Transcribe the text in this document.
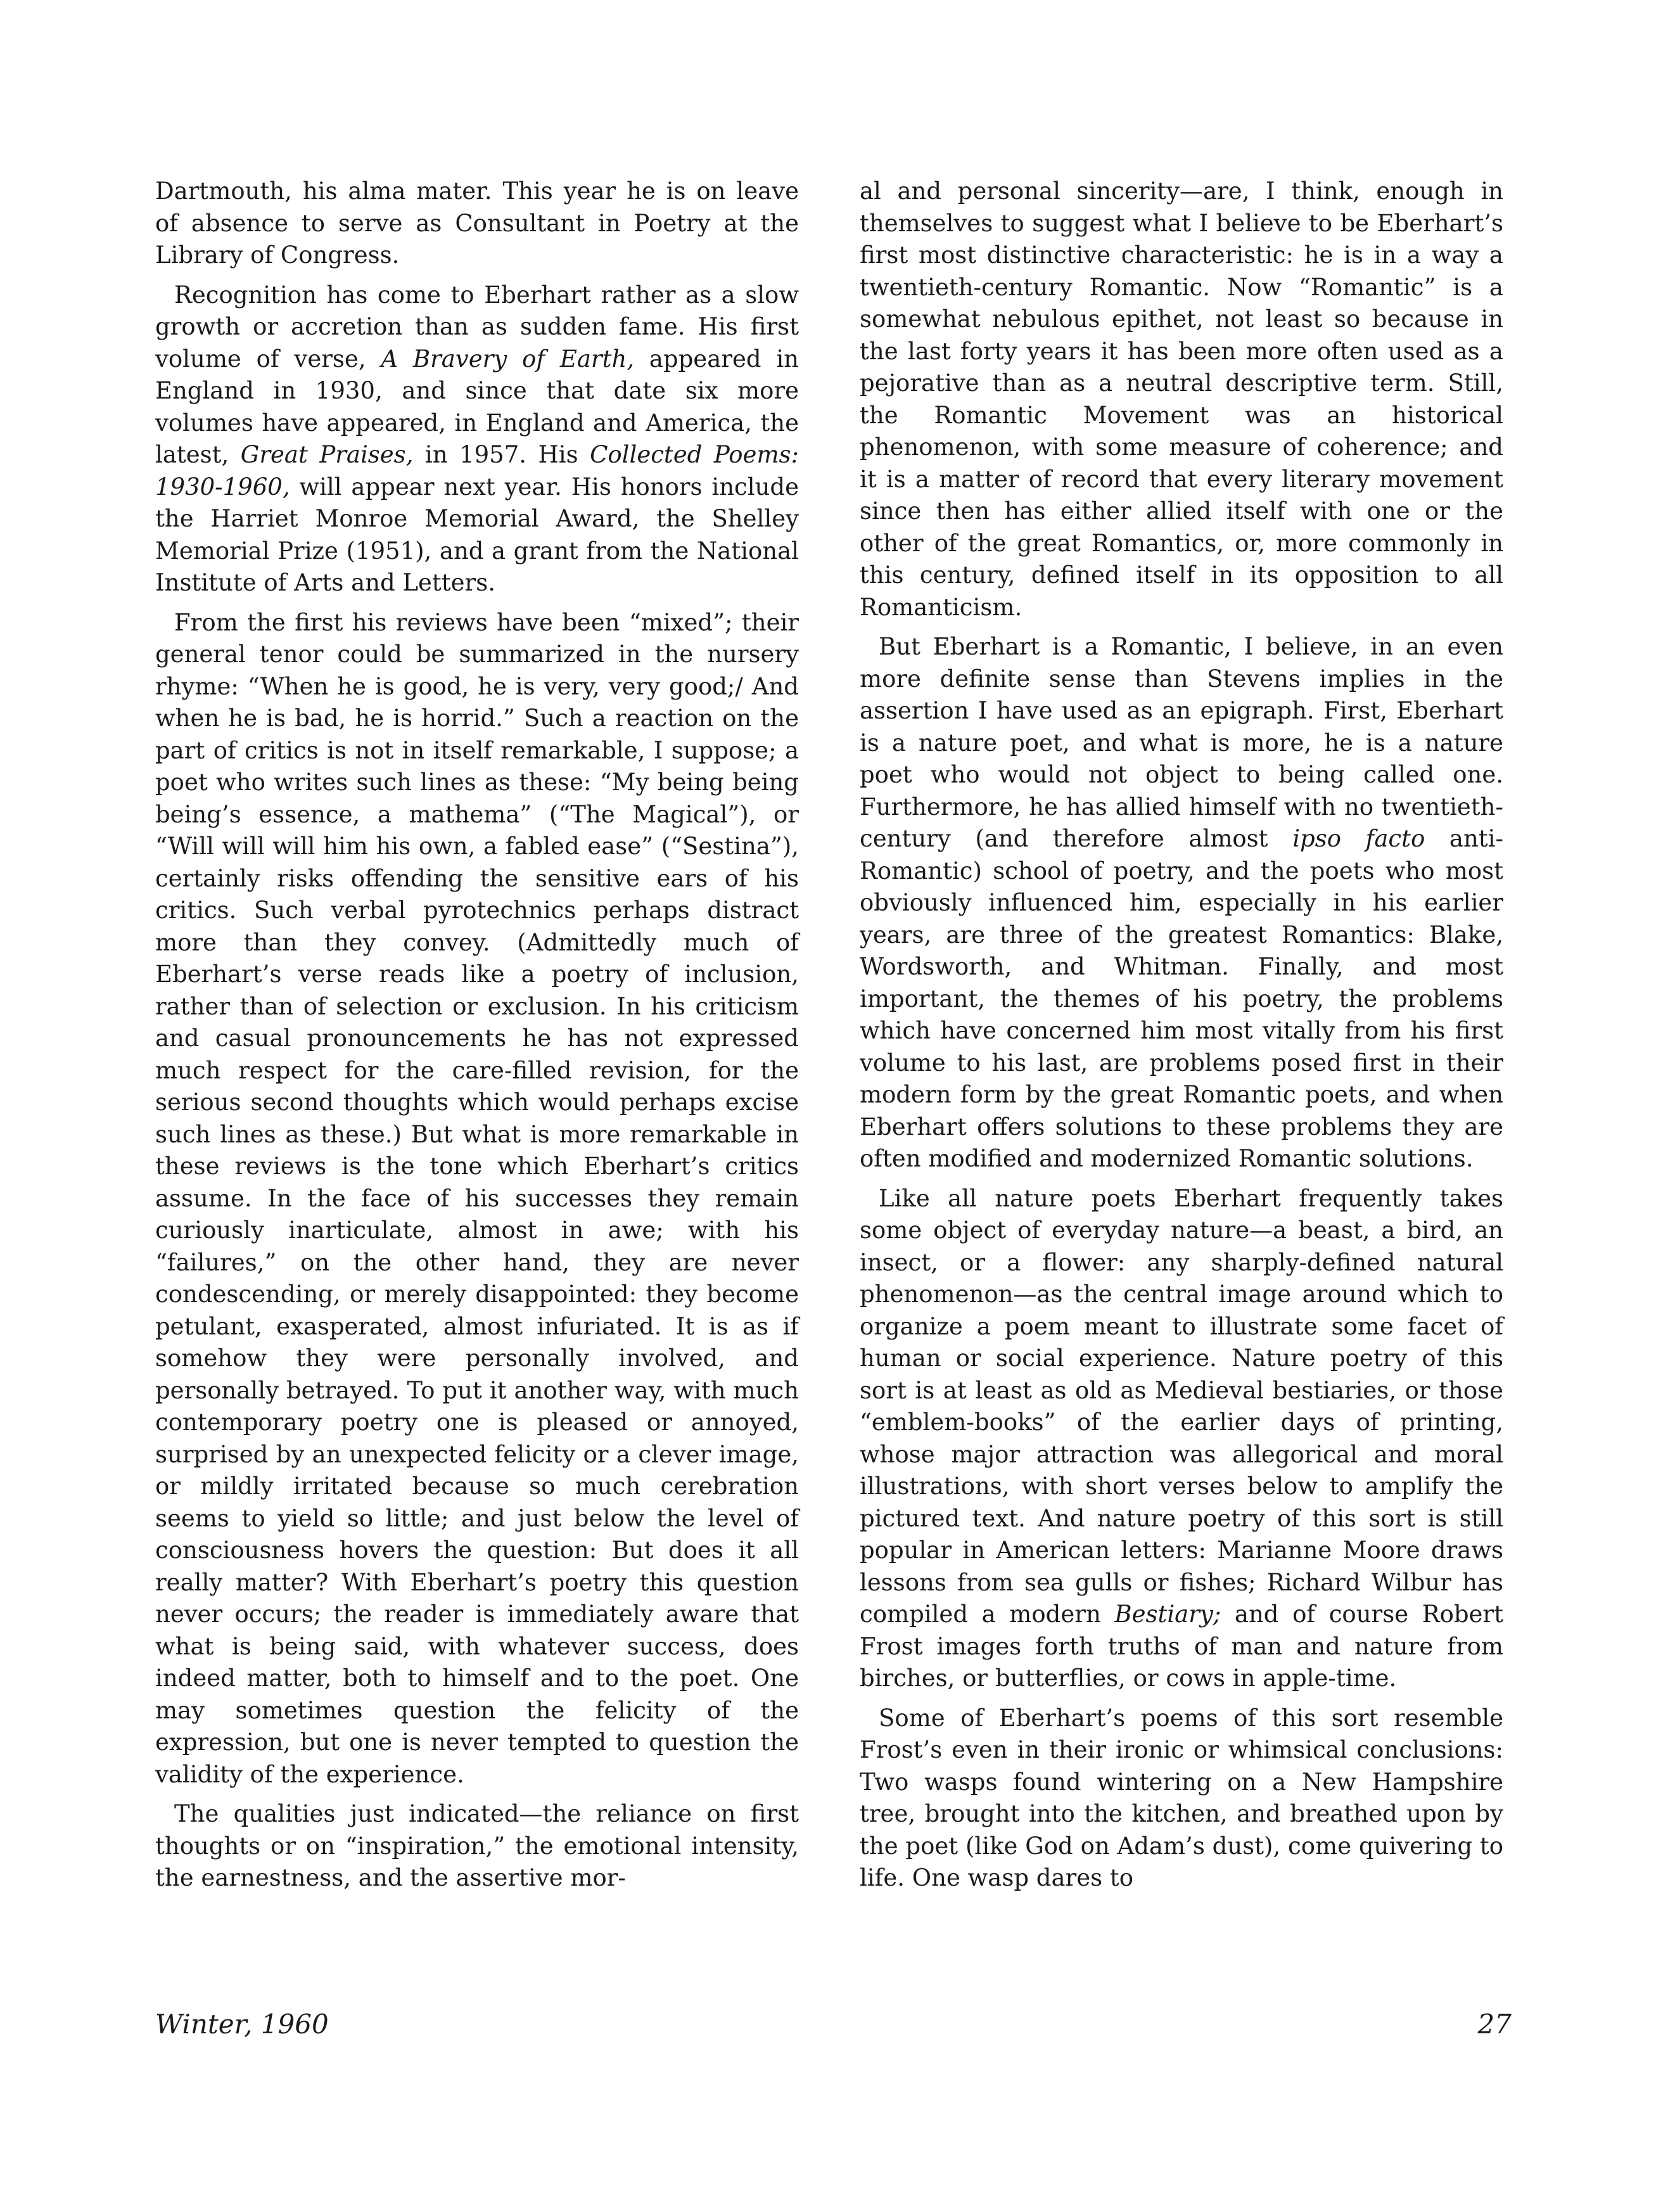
Dartmouth, his alma mater. This year he is on leave of absence to serve as Consultant in Poetry at the Library of Congress.

Recognition has come to Eberhart rather as a slow growth or accretion than as sudden fame. His first volume of verse, A Bravery of Earth, appeared in England in 1930, and since that date six more volumes have appeared, in England and America, the latest, Great Praises, in 1957. His Collected Poems: 1930-1960, will appear next year. His honors include the Harriet Monroe Memorial Award, the Shelley Memorial Prize (1951), and a grant from the National Institute of Arts and Letters.

From the first his reviews have been “mixed”; their general tenor could be summarized in the nursery rhyme: “When he is good, he is very, very good;/ And when he is bad, he is horrid.” Such a reaction on the part of critics is not in itself remarkable, I suppose; a poet who writes such lines as these: “My being being being’s essence, a mathema” (“The Magical”), or “Will will will him his own, a fabled ease” (“Sestina”), certainly risks offending the sensitive ears of his critics. Such verbal pyrotechnics perhaps distract more than they convey. (Admittedly much of Eberhart’s verse reads like a poetry of inclusion, rather than of selection or exclusion. In his criticism and casual pronouncements he has not expressed much respect for the care-filled revision, for the serious second thoughts which would perhaps excise such lines as these.) But what is more remarkable in these reviews is the tone which Eberhart’s critics assume. In the face of his successes they remain curiously inarticulate, almost in awe; with his “failures,” on the other hand, they are never condescending, or merely disappointed: they become petulant, exasperated, almost infuriated. It is as if somehow they were personally involved, and personally betrayed. To put it another way, with much contemporary poetry one is pleased or annoyed, surprised by an unexpected felicity or a clever image, or mildly irritated because so much cerebration seems to yield so little; and just below the level of consciousness hovers the question: But does it all really matter? With Eberhart’s poetry this question never occurs; the reader is immediately aware that what is being said, with whatever success, does indeed matter, both to himself and to the poet. One may sometimes question the felicity of the expression, but one is never tempted to question the validity of the experience.

The qualities just indicated—the reliance on first thoughts or on “inspiration,” the emotional intensity, the earnestness, and the assertive mor-

al and personal sincerity—are, I think, enough in themselves to suggest what I believe to be Eberhart’s first most distinctive characteristic: he is in a way a twentieth-century Romantic. Now “Romantic” is a somewhat nebulous epithet, not least so because in the last forty years it has been more often used as a pejorative than as a neutral descriptive term. Still, the Romantic Movement was an historical phenomenon, with some measure of coherence; and it is a matter of record that every literary movement since then has either allied itself with one or the other of the great Romantics, or, more commonly in this century, defined itself in its opposition to all Romanticism.

But Eberhart is a Romantic, I believe, in an even more definite sense than Stevens implies in the assertion I have used as an epigraph. First, Eberhart is a nature poet, and what is more, he is a nature poet who would not object to being called one. Furthermore, he has allied himself with no twentieth-century (and therefore almost ipso facto anti-Romantic) school of poetry, and the poets who most obviously influenced him, especially in his earlier years, are three of the greatest Romantics: Blake, Wordsworth, and Whitman. Finally, and most important, the themes of his poetry, the problems which have concerned him most vitally from his first volume to his last, are problems posed first in their modern form by the great Romantic poets, and when Eberhart offers solutions to these problems they are often modified and modernized Romantic solutions.

Like all nature poets Eberhart frequently takes some object of everyday nature—a beast, a bird, an insect, or a flower: any sharply-defined natural phenomenon—as the central image around which to organize a poem meant to illustrate some facet of human or social experience. Nature poetry of this sort is at least as old as Medieval bestiaries, or those “emblem-books” of the earlier days of printing, whose major attraction was allegorical and moral illustrations, with short verses below to amplify the pictured text. And nature poetry of this sort is still popular in American letters: Marianne Moore draws lessons from sea gulls or fishes; Richard Wilbur has compiled a modern Bestiary; and of course Robert Frost images forth truths of man and nature from birches, or butterflies, or cows in apple-time.

Some of Eberhart’s poems of this sort resemble Frost’s even in their ironic or whimsical conclusions: Two wasps found wintering on a New Hampshire tree, brought into the kitchen, and breathed upon by the poet (like God on Adam’s dust), come quivering to life. One wasp dares to

Winter, 1960	27
